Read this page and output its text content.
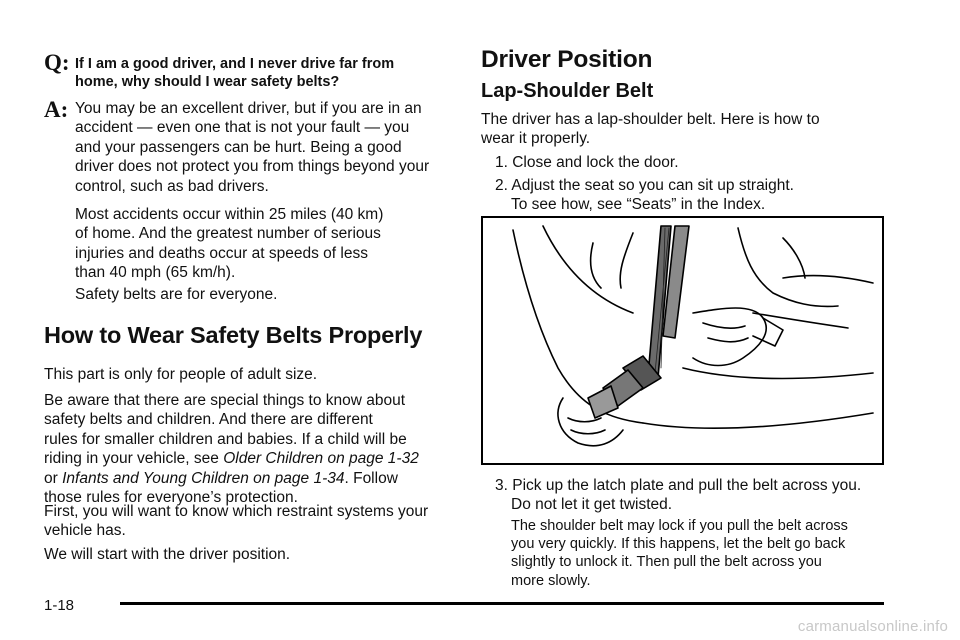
Q: If I am a good driver, and I never drive far from
home, why should I wear safety belts?
A: You may be an excellent driver, but if you are in an
accident — even one that is not your fault — you
and your passengers can be hurt. Being a good
driver does not protect you from things beyond your
control, such as bad drivers.
Most accidents occur within 25 miles (40 km)
of home. And the greatest number of serious
injuries and deaths occur at speeds of less
than 40 mph (65 km/h).
Safety belts are for everyone.
How to Wear Safety Belts Properly
This part is only for people of adult size.
Be aware that there are special things to know about
safety belts and children. And there are different
rules for smaller children and babies. If a child will be
riding in your vehicle, see Older Children on page 1-32
or Infants and Young Children on page 1-34. Follow
those rules for everyone’s protection.
First, you will want to know which restraint systems your
vehicle has.
We will start with the driver position.
Driver Position
Lap-Shoulder Belt
The driver has a lap-shoulder belt. Here is how to
wear it properly.
1. Close and lock the door.
2. Adjust the seat so you can sit up straight.
To see how, see “Seats” in the Index.
3. Pick up the latch plate and pull the belt across you.
Do not let it get twisted.
The shoulder belt may lock if you pull the belt across
you very quickly. If this happens, let the belt go back
slightly to unlock it. Then pull the belt across you
more slowly.
1-18
carmanualsonline.info
